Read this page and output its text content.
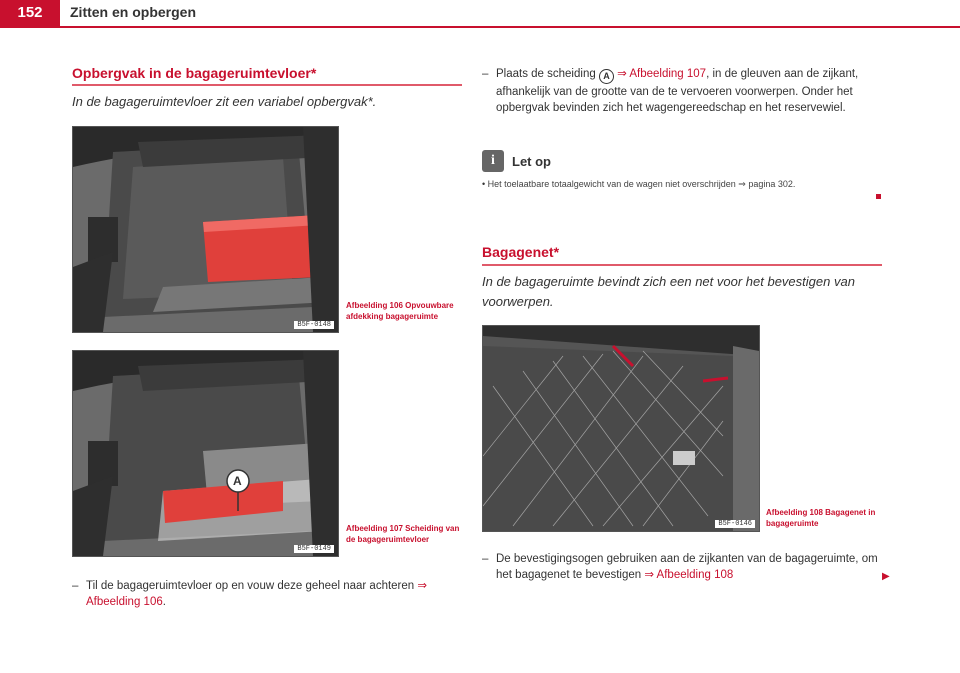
152	Zitten en opbergen
Opbergvak in de bagageruimtevloer*
In de bagageruimtevloer zit een variabel opbergvak*.
B5F-0148
Afbeelding 106 Opvouwbare afdekking bagageruimte
A
B5F-0149
Afbeelding 107 Scheiding van de bagageruimtevloer
– Til de bagageruimtevloer op en vouw deze geheel naar achteren ⇒ Afbeelding 106.
– Plaats de scheiding A ⇒ Afbeelding 107, in de gleuven aan de zijkant, afhankelijk van de grootte van de te vervoeren voorwerpen. Onder het opbergvak bevinden zich het wagengereedschap en het reservewiel.
i	Let op
• Het toelaatbare totaalgewicht van de wagen niet overschrijden ⇒ pagina 302.
Bagagenet*
In de bagageruimte bevindt zich een net voor het bevestigen van voorwerpen.
B5F-0146
Afbeelding 108 Bagagenet in bagageruimte
– De bevestigingsogen gebruiken aan de zijkanten van de bagageruimte, om het bagagenet te bevestigen ⇒ Afbeelding 108	▶
